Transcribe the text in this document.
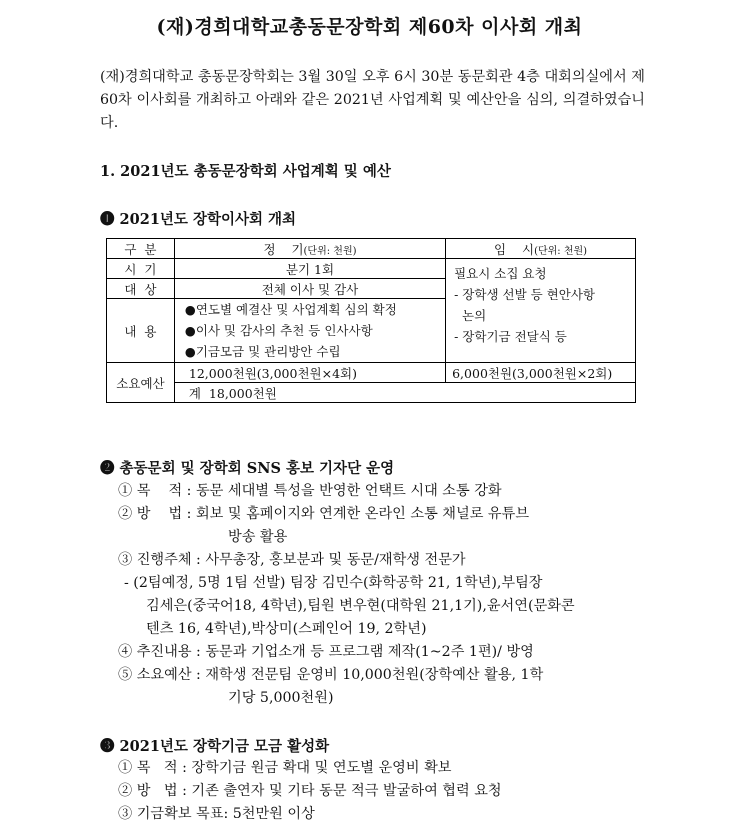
(재)경희대학교총동문장학회 제60차 이사회 개최
(재)경희대학교 총동문장학회는 3월 30일 오후 6시 30분 동문회관 4층 대회의실에서 제60차 이사회를 개최하고 아래와 같은 2021년 사업계획 및 예산안을 심의, 의결하였습니다.
1. 2021년도 총동문장학회 사업계획 및 예산
❶ 2021년도 장학이사회 개최
구  분	정    기(단위: 천원)	임    시(단위: 천원)
시  기	분기 1회	필요시 소집 요청
- 장학생 선발 등 현안사항
논의
- 장학기금 전달식 등

대  상	전체 이사 및 감사	
내  용	●연도별 예결산 및 사업계획 심의 확정
●이사 및 감사의 추천 등 인사사항
●기금모금 및 관리방안 수립	

소요예산	12,000천원(3,000천원×4회)	6,000천원(3,000천원×2회)
	계  18,000천원	
❷ 총동문회 및 장학회 SNS 홍보 기자단 운영
① 목    적 : 동문 세대별 특성을 반영한 언택트 시대 소통 강화
② 방    법 : 회보 및 홈페이지와 연계한 온라인 소통 채널로 유튜브
방송 활용
③ 진행주체 : 사무총장, 홍보분과 및 동문/재학생 전문가
- (2팀예정, 5명 1팀 선발) 팀장 김민수(화학공학 21, 1학년),부팀장
김세은(중국어18, 4학년),팀원 변우현(대학원 21,1기),윤서연(문화콘
텐츠 16, 4학년),박상미(스페인어 19, 2학년)
④ 추진내용 : 동문과 기업소개 등 프로그램 제작(1~2주 1편)/ 방영
⑤ 소요예산 : 재학생 전문팀 운영비 10,000천원(장학예산 활용, 1학
기당 5,000천원)
❸ 2021년도 장학기금 모금 활성화
① 목   적 : 장학기금 원금 확대 및 연도별 운영비 확보
② 방   법 : 기존 출연자 및 기타 동문 적극 발굴하여 협력 요청
③ 기금확보 목표: 5천만원 이상
